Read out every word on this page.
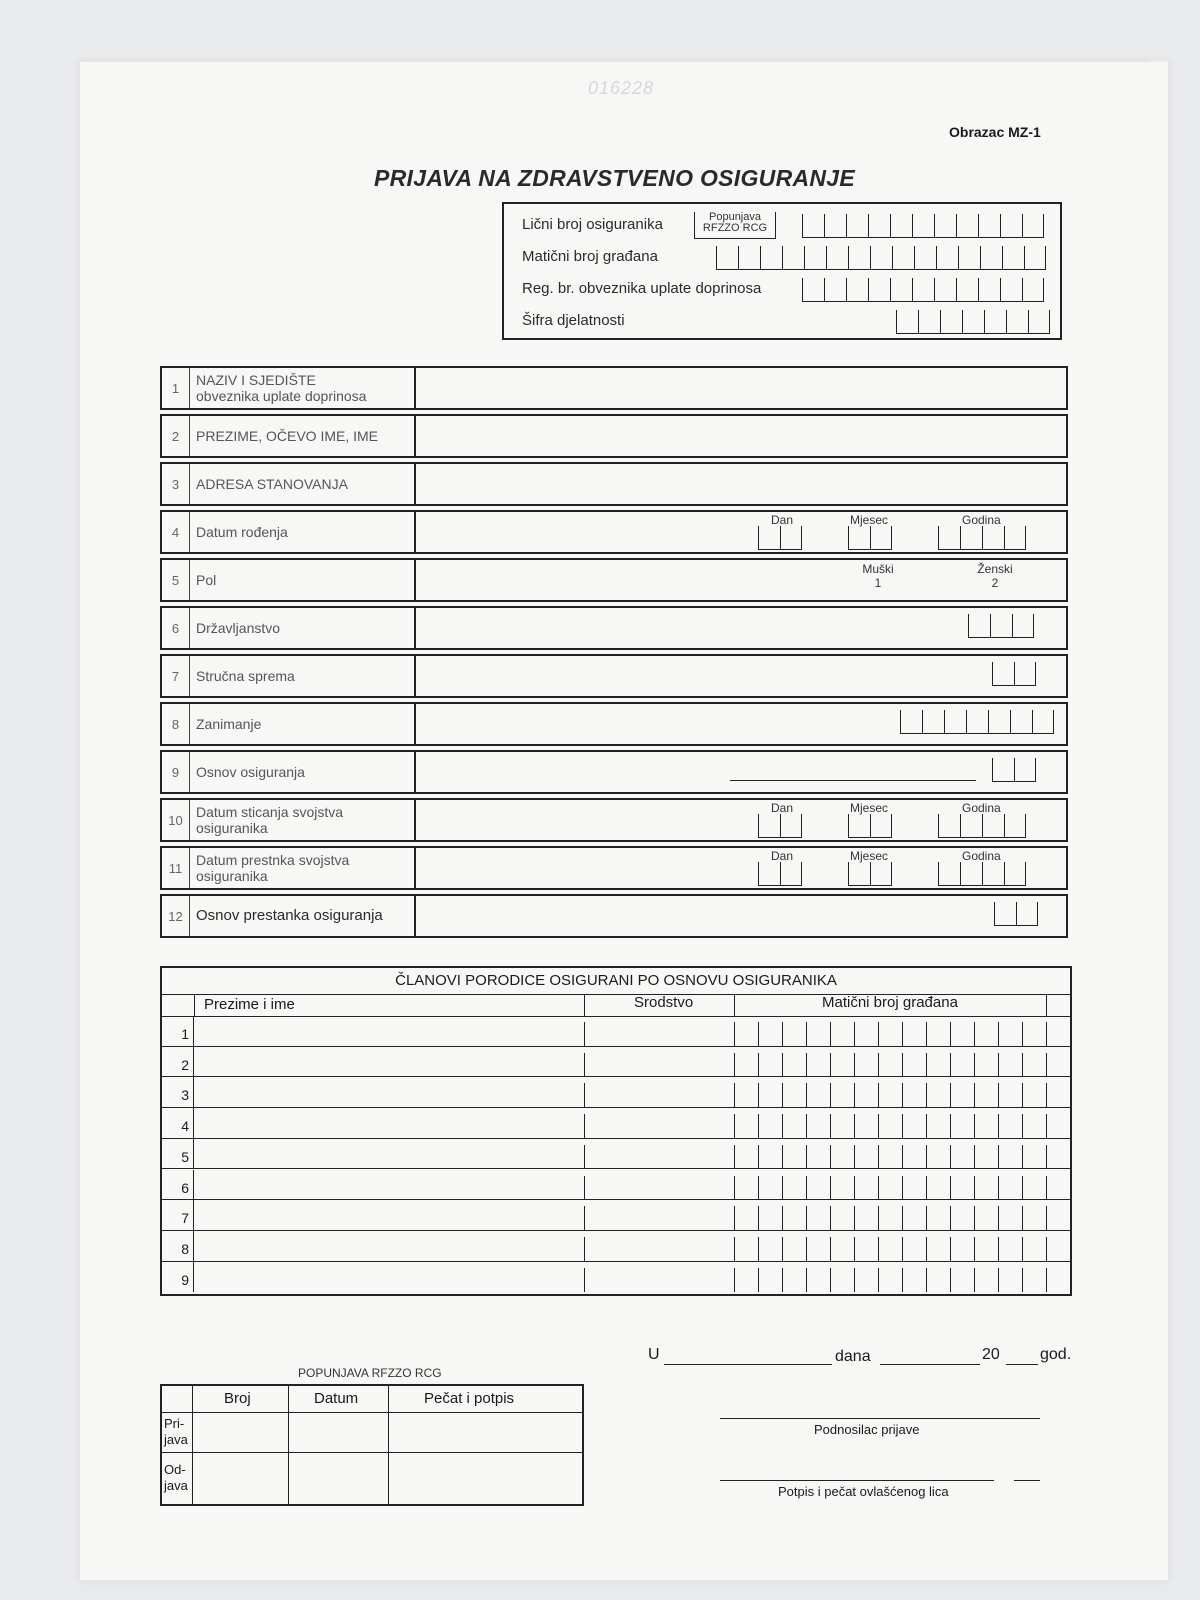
016228
Obrazac MZ-1
PRIJAVA NA ZDRAVSTVENO OSIGURANJE
Lični broj osiguranika	Popunjava
RFZZO RCG
Matični broj građana
Reg. br. obveznika uplate doprinosa
Šifra djelatnosti
1	NAZIV I SJEDIŠTE
obveznika uplate doprinosa
2	PREZIME, OČEVO IME, IME
3	ADRESA STANOVANJA
4	Datum rođenja
Dan	Mjesec	Godina
5	Pol
Muški
1
Ženski
2
6	Državljanstvo
7	Stručna sprema
8	Zanimanje
9	Osnov osiguranja
10 Datum sticanja svojstva
osiguranika
Dan	Mjesec	Godina
11 Datum prestnka svojstva
osiguranika
Dan	Mjesec	Godina
12 Osnov prestanka osiguranja
ČLANOVI PORODICE OSIGURANI PO OSNOVU OSIGURANIKA
Prezime i ime	Srodstvo	Matični broj građana
1
2
3
4
5
6
7
8
9
POPUNJAVA RFZZO RCG
Broj	Datum	Pečat i potpis
Pri-
java
Od-
java
U	dana	20	god.
Podnosilac prijave
Potpis i pečat ovlašćenog lica
